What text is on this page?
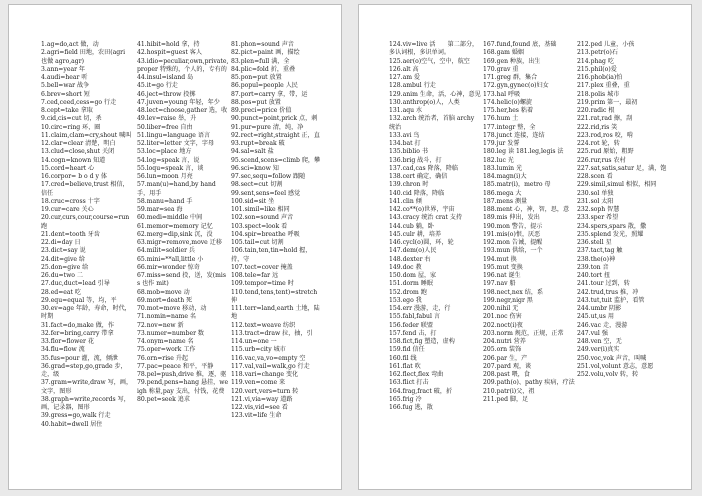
1.ag=do,act 做，动

2.agri=field 田地，农田(agri 也做 agro,agr)

3.ann=year 年

4.audi=hear 听

5.bell=war 战争

6.brev=short 短

7.ced,ceed,cess=go 行走

8.cept=take 拿取

9.cid,cis=cut 切，杀

10.circ=ring 环，圈

11.claim,clam=cry,shout 喊叫

12.clar=clear 清楚，明白

13.clud=close,shut 关闭

14.cogn=known 知道

15.cord=heart 心

16.corpor= b o d y 体

17.cred=believe,trust 相信，信任

18.cruc=cross 十字

19.cur=care 关心

20.cur,curs,cour,course=run 跑

21.dent=tooth 牙齿

22.di=day 日

23.dict=say 说

24.dit=give 给

25.don=give 给

26.du=two 二

27.duc,duct=lead 引导

28.ed=eat 吃

29.equ=equal 等，均，平

30.ev=age 年龄，寿命，时代，时期

31.fact=do,make 做，作

32.fer=bring,carry 带拿

33.flor=flower 花

34.flu=flow 流

35.fus=pour 灌，流，倾泄

36.grad=step,go,grade 步，走，级

37.gram=write,draw 写，画，文字，图形

38.graph=write,records 写，画，记录器，图形

39.gress=go,walk 行走

40.habit=dwell 居住

41.hibit=hold 拿，持

42.hospit=guest 客人

43.idio=peculiar,own,private,proper 特殊的，个人的，专有的

44.insul=island 岛

45.it=go 行走

46.ject=throw 投掷

47.juven=young 年轻，年少

48.lect=choose,gather 选，收

49.lev=raise 举，升

50.liber=free 自由

51.lingu=language 语言

52.liter=letter 文字，字母

53.loc=place 地方

54.log=speak 言，说

55.loqu=speak 言，谈

56.lun=moon 月亮

57.man(u)=hand,by hand 手，用手

58.manu=hand 手

59.mar=sea 海

60.medi=middle 中间

61.memor=memory 记忆

62.merg=dip,sink 沉，没

63.migr=remove,move 迁移

64.milit=soldier 兵

65.mini=**all,little 小

66.mir=wonder 惊奇

67.miss=send 投，送，发(miss 也作 mit)

68.mob=move 动

69.mort=death 死

70.mot=move 移动，动

71.nomin=name 名

72.nov=new 新

73.numer=number 数

74.onym=name 名

75.oper=work 工作

76.orn=rise 升起

77.pac=peace 和平，平静

78.pel=push,drive 推，逐，驱

79.pend,pens=hang 悬挂，weigh 称量,pay 支出，付钱，花费

80.pet=seek 追求

81.phon=sound 声音

82.pict=paint 画，描绘

83.plen=full 满，全

84.plic=fold 折，重叠

85.pon=put 放置

86.popul=people 人民

87.port=carry 拿，带，运

88.pos=put 放置

89.preci=price 价值

90.punct=point,prick 点，刺

91.pur=pure 清，纯，净

92.rect=right,straight 正，直

93.rupt=break 破

94.sal=salt 盐

95.scend,scens=climb 爬，攀

96.sci=know 知

97.sec,sequ=follow 跟随

98.sect=cut 切割

99.sent,sens=feel 感觉

100.sid=sit 坐

101.simil=like 相同

102.son=sound 声音

103.spect=look 看

104.spir=breathe 呼吸

105.tail=cut 切割

106.tain,ten,tin=hold 握，持，守

107.tect=cover 掩盖

108.tele=far 远

109.tempor=time 时

110.tend,tens,tent)=stretch 伸

111.terr=land,earth 土地，陆地

112.text=weave 纺织

113.tract=draw 拉，抽，引

114.un=one 一

115.urb=city 城市

116.vac,va,vo=empty 空

117.val,vail=walk,go 行走

118.vari=change 变化

119.ven=come 来

120.vert,vers=turn 转

121.vi,via=way 道路

122.vis,vid=see 看

123.vit=life 生命

124.viv=live 活　　第二部分，多认词根，多识单词。

125.aer(o)空气，空中，航空

126.alt 高

127.am 爱

128.ambul 行走

129.anim 生命，活，心神，意见

130.anthrop(o)人，人类

131.aqu 水

132.arch 统治者，首脑 archy 统治

133.avi 鸟

134.bat 打

135.biblio 书

136.brig 战斗，打

137.cad,cas 降落，降临

138.cert 确定，确信

139.chron 时

140.cid 降落，降临

141.clin 倾

142.co**(o)世界，宇宙

143.cracy 统治 crat 支持

144.cub 躺，卧

145.culr 耕，培养

146.cycl(o)圆，环，轮

147.dem(o)人民

148.dexter 右

149.doc 教

150.dom 屋，家

151.dorm 睡眠

152.drom 跑

153.ego 我

154.err 漫游，走，行

155.fabl,fabul 言

156.feder 联盟

157.fend 击，打

158.fict,fig 塑造，虚构

159.fid 信任

160.fil 线

161.flat 吹

162.flect,flex 弯曲

163.flict 打击

164.frag,fract 破，折

165.frig 冷

166.fug 逃，散

167.fund,found 底，基础

168.gam 婚姻

169.gen 种族，出生

170.grav 重

171.greg 群，集合

172.gyn,gynec(o)妇女

173.hal 呼吸

174.helic(o)螺旋

175.her,hes 粘着

176.hum 土

177.integr 整，全

178.junct 连接，连结

179.jur 发誓

180.leg 读 181.leg,legis 法

182.luc 光

183.lumin 光

184.magn(i)大

185.matr(i)，metro 母

186.mega 大

187.mens 测量

188.ment 心，神，智，思，意

189.mis 伸出，发出

190.mon 警告，提示

191.mis(o)恨，厌恶

192.mon 告诫，提醒

193.mun 供给，一个

194.mut 换

195.mut 变换

196.nat 诞生

197.nav 船

198.nect,nex 结，系

199.negr,nigr 黑

200.nihil 无

201.noc 伤害

202.noct(i)夜

203.norm 规范，正规，正常

204.nutri 营养

205.orn 装饰

206.par 生，产

207.pard 观，谈

208.past 喂，食

209.path(o)、pathy 疾病，疗法

210.patr(i)父，祖

211.ped 脚，足

212.ped 儿童，小孩

213.petr(o)石

214.phag 吃

215.phil(o)爱

216.phob(ia)怕

217.plex 重叠，重

218.polis 城市

219.prim 第一，最初

220.radic 根

221.rat,rad 擦，刮

222.rid,ris 笑

223.rod,ros 咬，啃

224.rot 轮，转

225.rud 原始，粗野

226.rur,rus 农村

227.sat,satis,satur 足，满，饱

228.scen 看

229.simil,simul 相似，相同

230.sol 单独

231.sol 太阳

232.soph 智慧

233.sper 希望

234.spers,spars 散，撒

235.splend 发光，照耀

236.stell 星

237.tact,tag 触

238.the(o)神

239.ton 音

240.tort 扭

241.tour 过到，转

242.trud,trus 推，冲

243.tut,tuit 监护，看管

244.umbr 阴影

245.ut,us 用

246.vac 走，漫游

247.vul 强

248.ven 空，无

249.ver(i)真实

250.voc,vok 声音，叫喊

251.vol,volunt 意志，意愿

252.volu,volv 转，转
